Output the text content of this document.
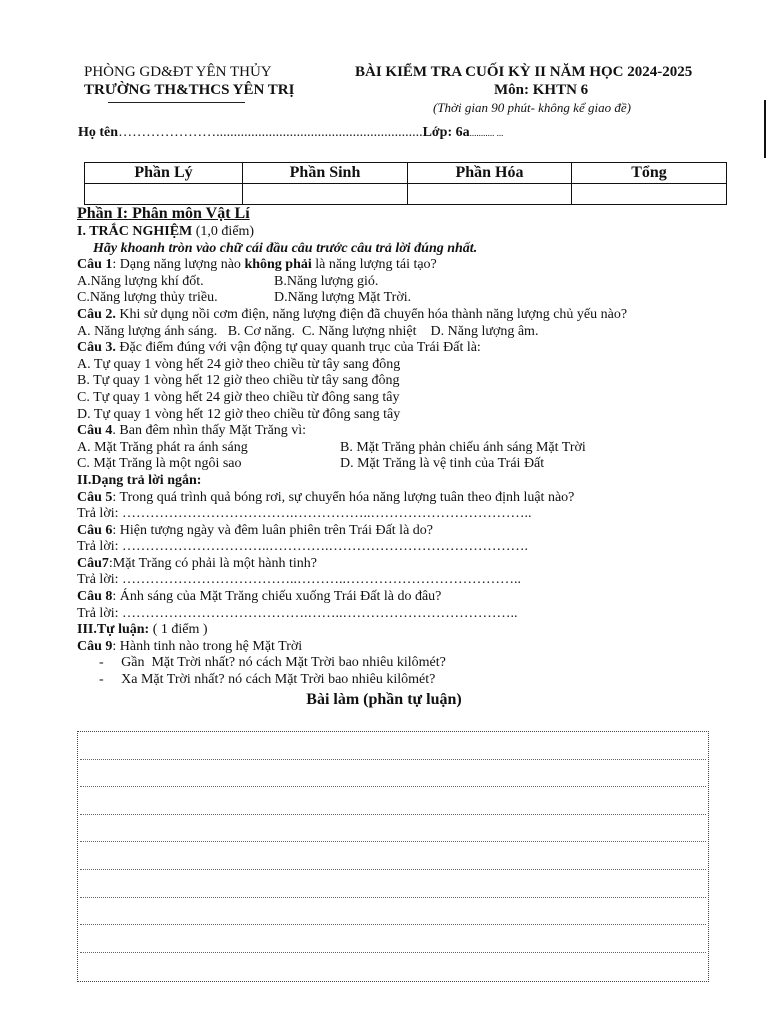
PHÒNG GD&ĐT YÊN THỦY
TRƯỜNG TH&THCS YÊN TRỊ
BÀI KIỂM TRA CUỐI KỲ II NĂM HỌC 2024-2025
Môn: KHTN 6
(Thời gian 90 phút- không kể giao đề)
Họ tên…………………...........................................................Lớp: 6a........... ...
Phần Lý	Phần Sinh	Phần Hóa	Tổng

Phần I: Phân môn Vật Lí
I. TRẮC NGHIỆM (1,0 điểm)
Hãy khoanh tròn vào chữ cái đầu câu trước câu trả lời đúng nhất.
Câu 1: Dạng năng lượng nào không phải là năng lượng tái tạo?
A.Năng lượng khí đốt.	B.Năng lượng gió.
C.Năng lượng thủy triều.	D.Năng lượng Mặt Trời.
Câu 2. Khi sử dụng nồi cơm điện, năng lượng điện đã chuyển hóa thành năng lượng chủ yếu nào?
A. Năng lượng ánh sáng.   B. Cơ năng.  C. Năng lượng nhiệt    D. Năng lượng âm.
Câu 3. Đặc điểm đúng với vận động tự quay quanh trục của Trái Đất là:
A. Tự quay 1 vòng hết 24 giờ theo chiều từ tây sang đông
B. Tự quay 1 vòng hết 12 giờ theo chiều từ tây sang đông
C. Tự quay 1 vòng hết 24 giờ theo chiều từ đông sang tây
D. Tự quay 1 vòng hết 12 giờ theo chiều từ đông sang tây
Câu 4. Ban đêm nhìn thấy Mặt Trăng vì:
A. Mặt Trăng phát ra ánh sáng	B. Mặt Trăng phản chiếu ánh sáng Mặt Trời
C. Mặt Trăng là một ngôi sao	D. Mặt Trăng là vệ tinh của Trái Đất
II.Dạng trả lời ngắn:
Câu 5: Trong quá trình quả bóng rơi, sự chuyển hóa năng lượng tuân theo định luật nào?
Trả lời: ……………………………….……………..……………………………..
Câu 6: Hiện tượng ngày và đêm luân phiên trên Trái Đất là do?
Trả lời: …………………………..………….…………………………………….
Câu7:Mặt Trăng có phải là một hành tinh?
Trả lời: ………………………………..………..………………………………..
Câu 8: Ánh sáng của Mặt Trăng chiếu xuống Trái Đất là do đâu?
Trả lời: ………………………………….……..………………………………..
III.Tự luận: ( 1 điểm )
Câu 9: Hành tinh nào trong hệ Mặt Trời
-     Gần  Mặt Trời nhất? nó cách Mặt Trời bao nhiêu kilômét?
-     Xa Mặt Trời nhất? nó cách Mặt Trời bao nhiêu kilômét?
Bài làm (phần tự luận)
